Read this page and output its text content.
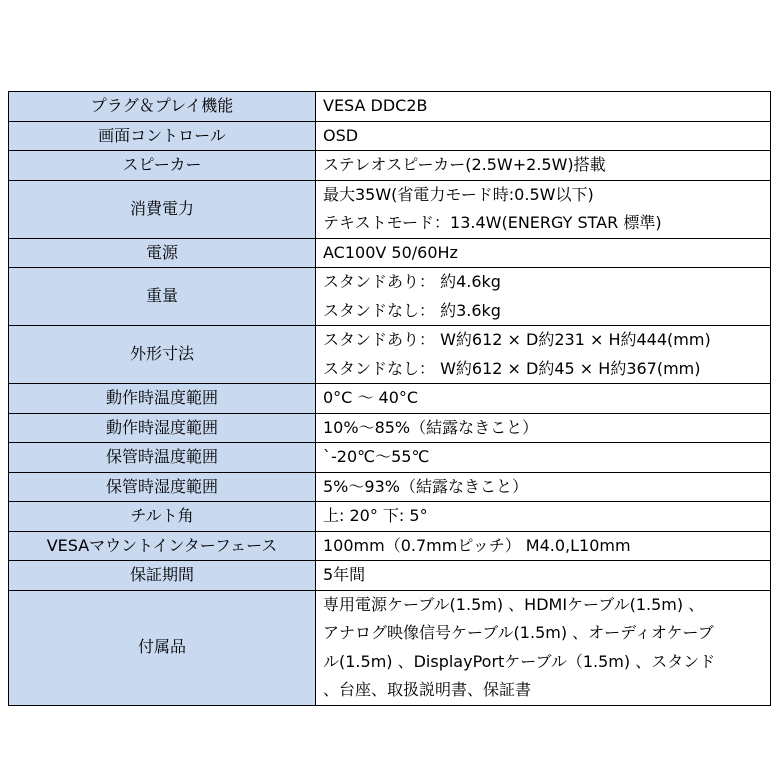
プラグ＆プレイ機能	VESA DDC2B

画面コントロール	OSD

スピーカー	ステレオスピーカー(2.5W+2.5W)搭載

消費電力	最大35W(省電力モード時:0.5W以下)
テキストモード：13.4W(ENERGY STAR 標準)

電源	AC100V 50/60Hz

重量	スタンドあり： 約4.6kg
スタンドなし： 約3.6kg

外形寸法	スタンドあり： W約612 × D約231 × H約444(mm)
スタンドなし： W約612 × D約45 × H約367(mm)

動作時温度範囲	0°C ～ 40°C

動作時湿度範囲	10%～85%（結露なきこと）

保管時温度範囲	`-20℃～55℃

保管時湿度範囲	5%～93%（結露なきこと）

チルト角	上: 20° 下: 5°

VESAマウントインターフェース	100mm（0.7mmピッチ） M4.0,L10mm

保証期間	5年間

付属品	専用電源ケーブル(1.5m) 、HDMIケーブル(1.5m) 、
アナログ映像信号ケーブル(1.5m) 、オーディオケーブ
ル(1.5m) 、DisplayPortケーブル（1.5m) 、スタンド
、台座、取扱説明書、保証書
